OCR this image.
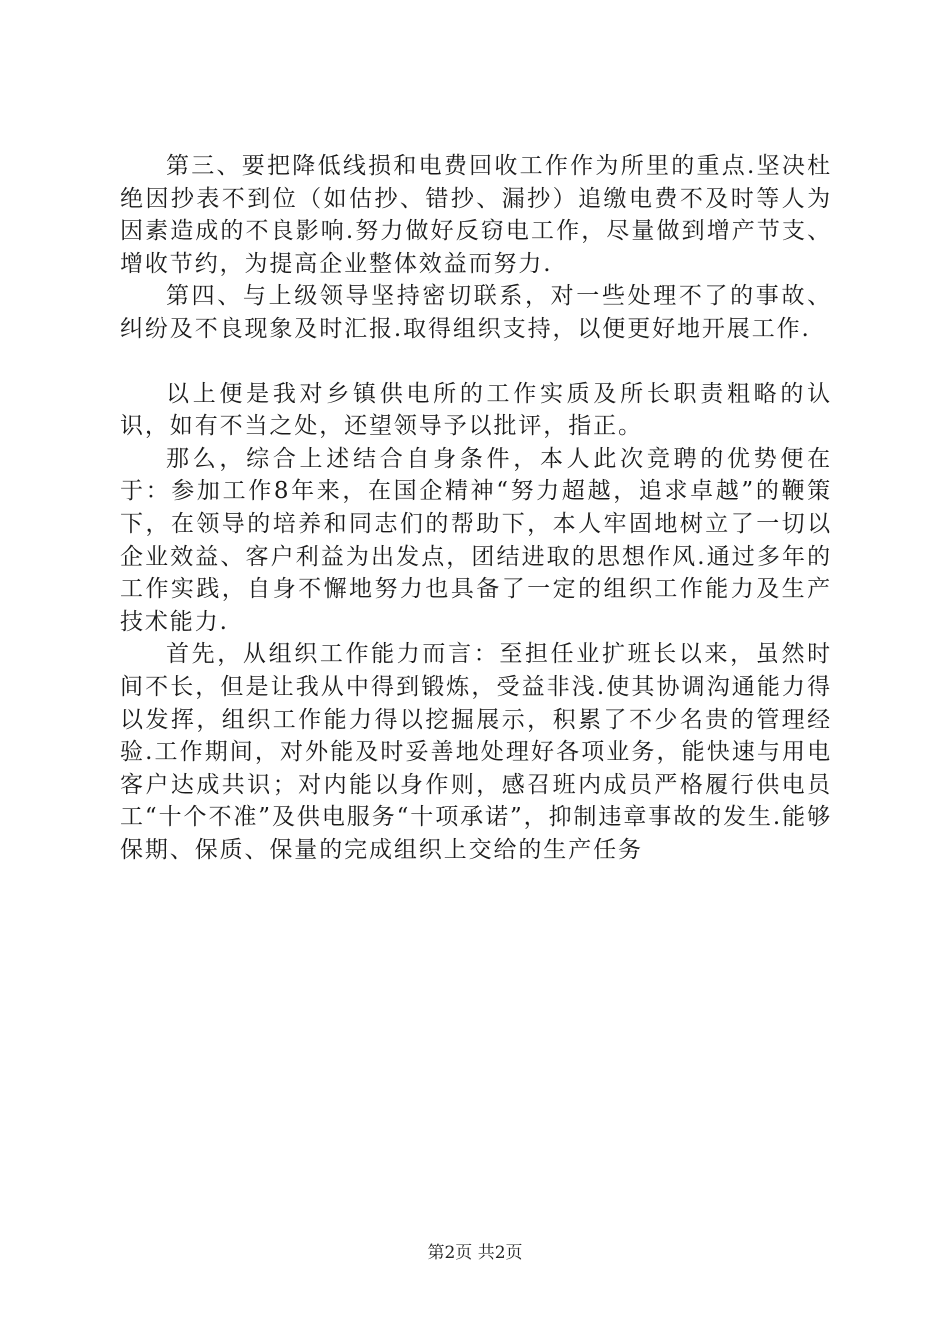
第三、要把降低线损和电费回收工作作为所里的重点.坚决杜绝因抄表不到位（如估抄、错抄、漏抄）追缴电费不及时等人为因素造成的不良影响.努力做好反窃电工作，尽量做到增产节支、增收节约，为提高企业整体效益而努力.

第四、与上级领导坚持密切联系，对一些处理不了的事故、纠纷及不良现象及时汇报.取得组织支持，以便更好地开展工作.

以上便是我对乡镇供电所的工作实质及所长职责粗略的认识，如有不当之处，还望领导予以批评，指正。

那么，综合上述结合自身条件，本人此次竞聘的优势便在于：参加工作8年来，在国企精神“努力超越，追求卓越”的鞭策下，在领导的培养和同志们的帮助下，本人牢固地树立了一切以企业效益、客户利益为出发点，团结进取的思想作风.通过多年的工作实践，自身不懈地努力也具备了一定的组织工作能力及生产技术能力.

首先，从组织工作能力而言：至担任业扩班长以来，虽然时间不长，但是让我从中得到锻炼，受益非浅.使其协调沟通能力得以发挥，组织工作能力得以挖掘展示，积累了不少名贵的管理经验.工作期间，对外能及时妥善地处理好各项业务，能快速与用电客户达成共识；对内能以身作则，感召班内成员严格履行供电员工“十个不准”及供电服务“十项承诺”，抑制违章事故的发生.能够保期、保质、保量的完成组织上交给的生产任务

第2页 共2页
